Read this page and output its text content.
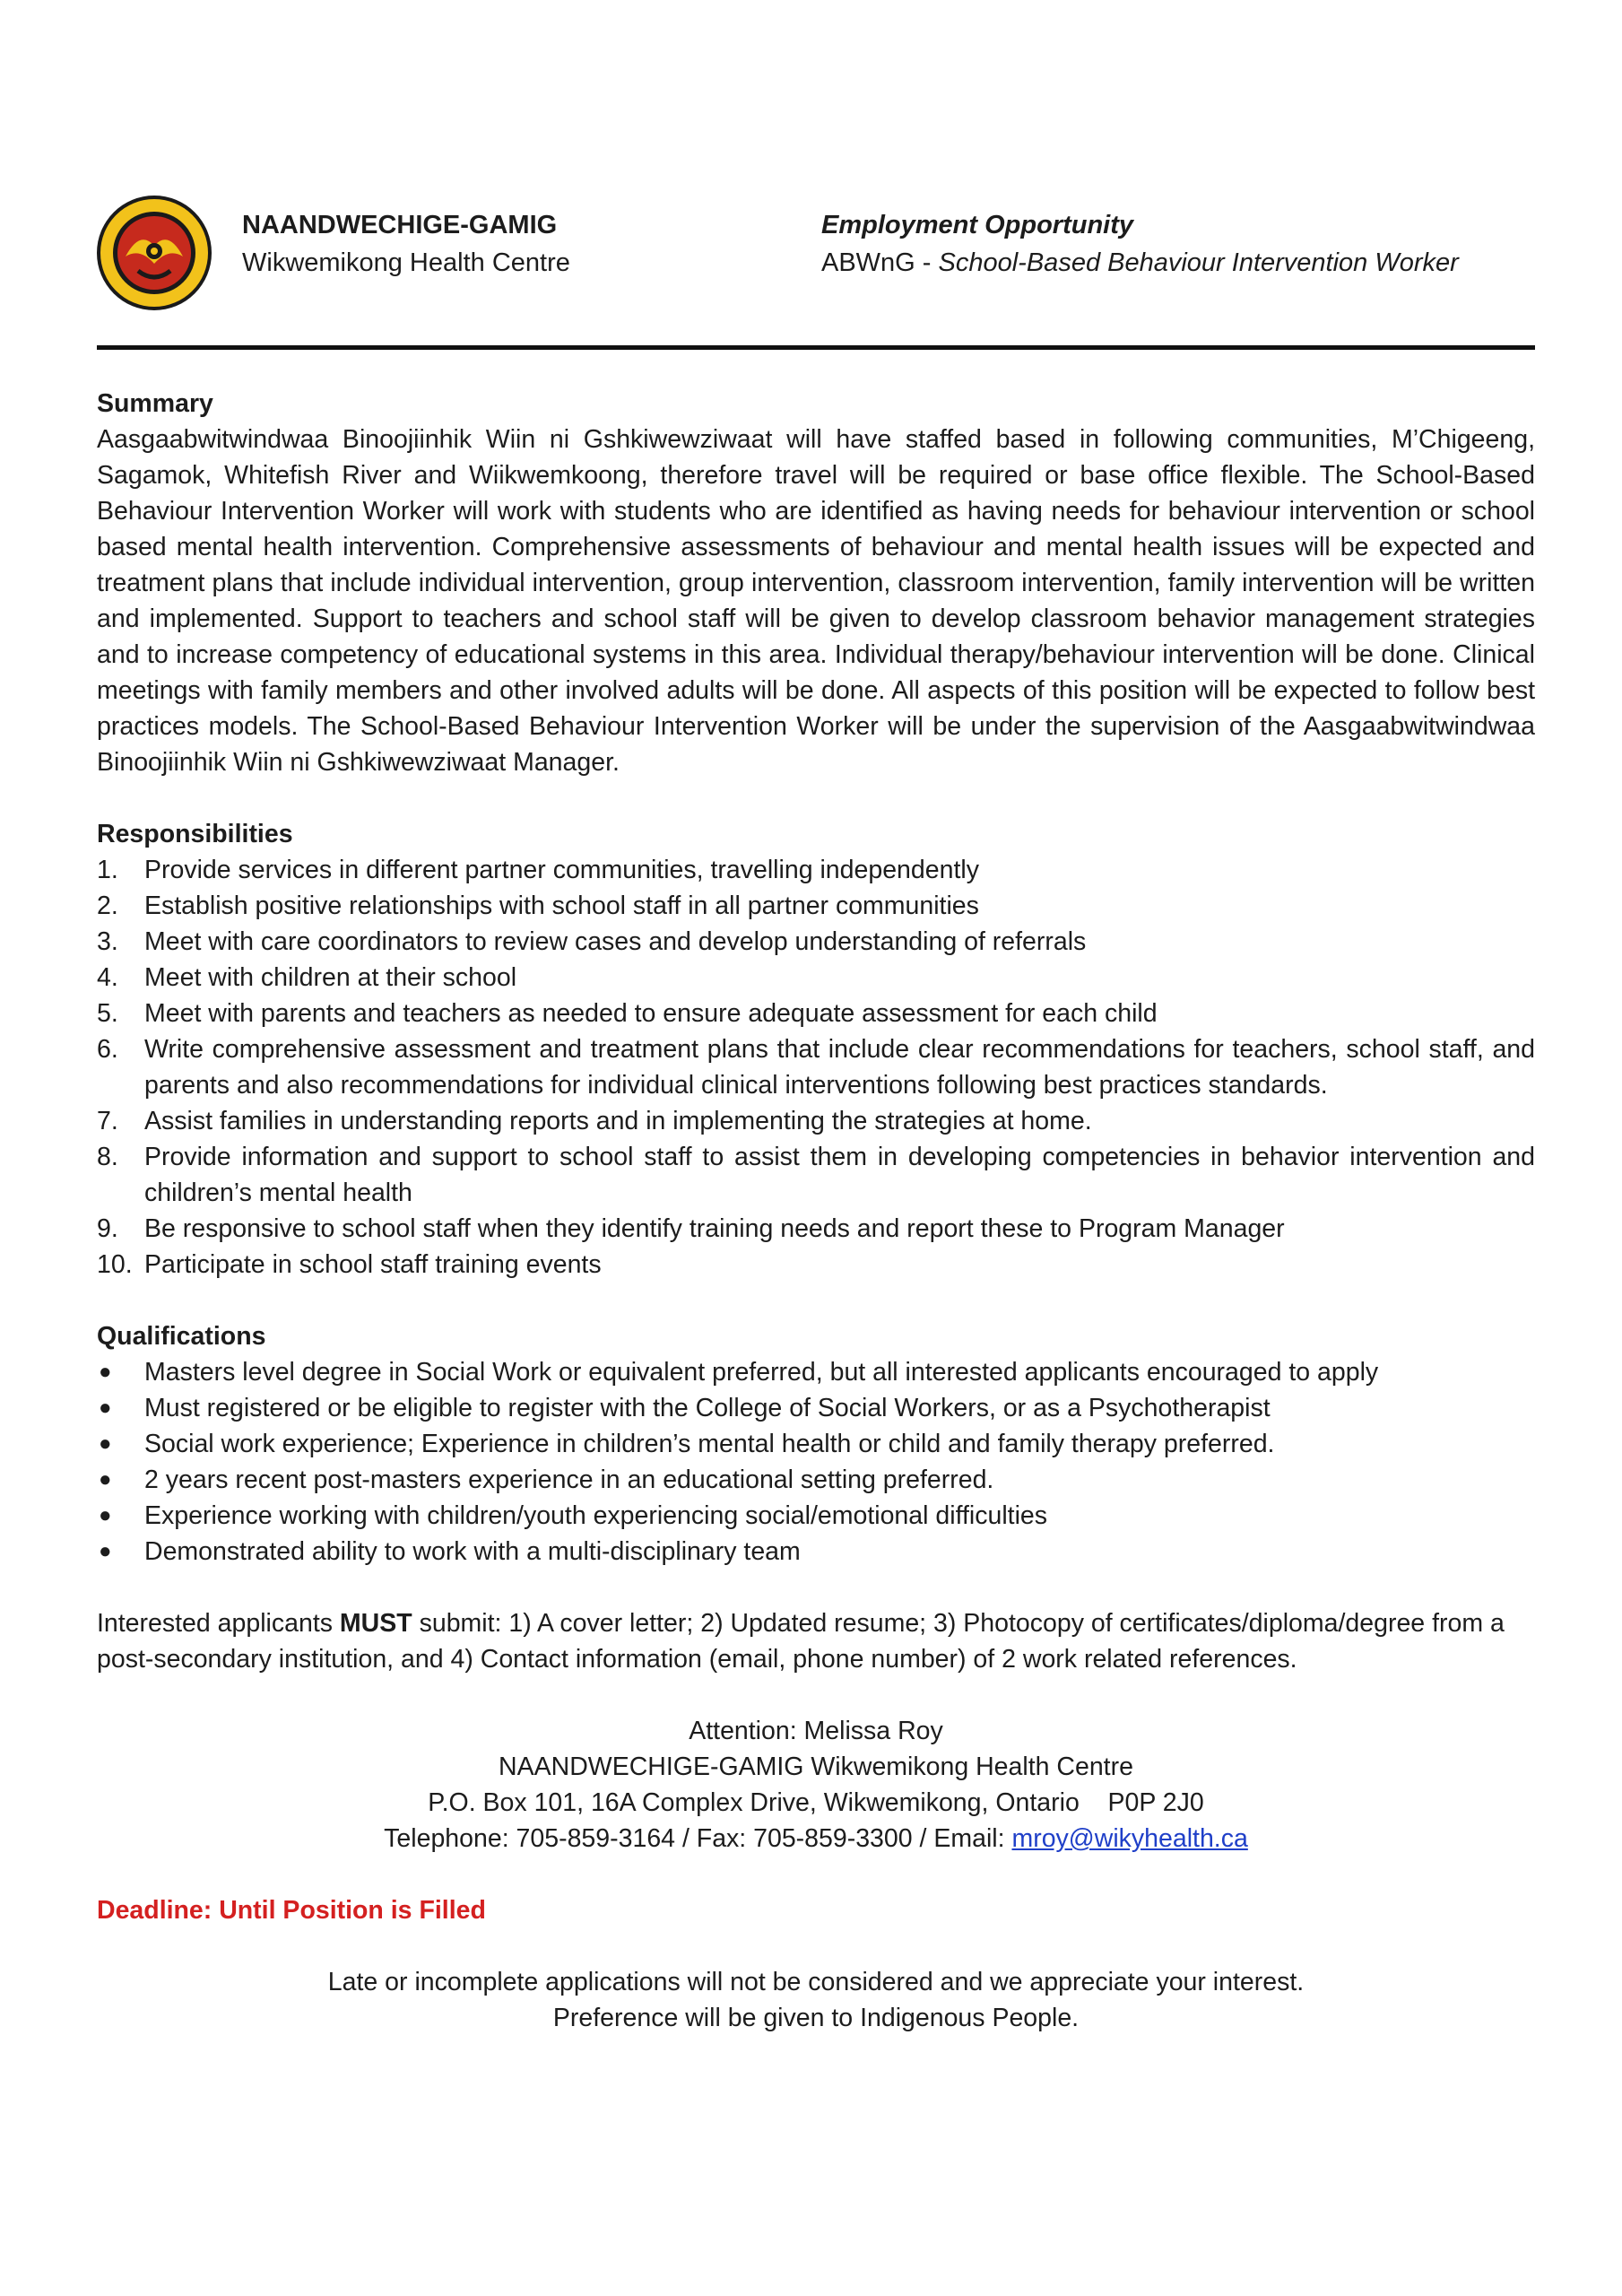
NAANDWECHIGE-GAMIG
Wikwemikong Health Centre
Employment Opportunity
ABWnG - School-Based Behaviour Intervention Worker

Summary

Aasgaabwitwindwaa Binoojiinhik Wiin ni Gshkiwewziwaat will have staffed based in following communities, M’Chigeeng, Sagamok, Whitefish River and Wiikwemkoong, therefore travel will be required or base office flexible. The School-Based Behaviour Intervention Worker will work with students who are identified as having needs for behaviour intervention or school based mental health intervention. Comprehensive assessments of behaviour and mental health issues will be expected and treatment plans that include individual intervention, group intervention, classroom intervention, family intervention will be written and implemented. Support to teachers and school staff will be given to develop classroom behavior management strategies and to increase competency of educational systems in this area. Individual therapy/behaviour intervention will be done. Clinical meetings with family members and other involved adults will be done. All aspects of this position will be expected to follow best practices models. The School-Based Behaviour Intervention Worker will be under the supervision of the Aasgaabwitwindwaa Binoojiinhik Wiin ni Gshkiwewziwaat Manager.

Responsibilities

1. Provide services in different partner communities, travelling independently
2. Establish positive relationships with school staff in all partner communities
3. Meet with care coordinators to review cases and develop understanding of referrals
4. Meet with children at their school
5. Meet with parents and teachers as needed to ensure adequate assessment for each child
6. Write comprehensive assessment and treatment plans that include clear recommendations for teachers, school staff, and parents and also recommendations for individual clinical interventions following best practices standards.
7. Assist families in understanding reports and in implementing the strategies at home.
8. Provide information and support to school staff to assist them in developing competencies in behavior intervention and children’s mental health
9. Be responsive to school staff when they identify training needs and report these to Program Manager
10. Participate in school staff training events

Qualifications

● Masters level degree in Social Work or equivalent preferred, but all interested applicants encouraged to apply
● Must registered or be eligible to register with the College of Social Workers, or as a Psychotherapist
● Social work experience; Experience in children’s mental health or child and family therapy preferred.
● 2 years recent post-masters experience in an educational setting preferred.
● Experience working with children/youth experiencing social/emotional difficulties
● Demonstrated ability to work with a multi-disciplinary team

Interested applicants MUST submit: 1) A cover letter; 2) Updated resume; 3) Photocopy of certificates/diploma/degree from a post-secondary institution, and 4) Contact information (email, phone number) of 2 work related references.

Attention: Melissa Roy

NAANDWECHIGE-GAMIG Wikwemikong Health Centre

P.O. Box 101, 16A Complex Drive, Wikwemikong, Ontario    P0P 2J0

Telephone: 705-859-3164 / Fax: 705-859-3300 / Email: mroy@wikyhealth.ca

Deadline: Until Position is Filled

Late or incomplete applications will not be considered and we appreciate your interest.

Preference will be given to Indigenous People.
